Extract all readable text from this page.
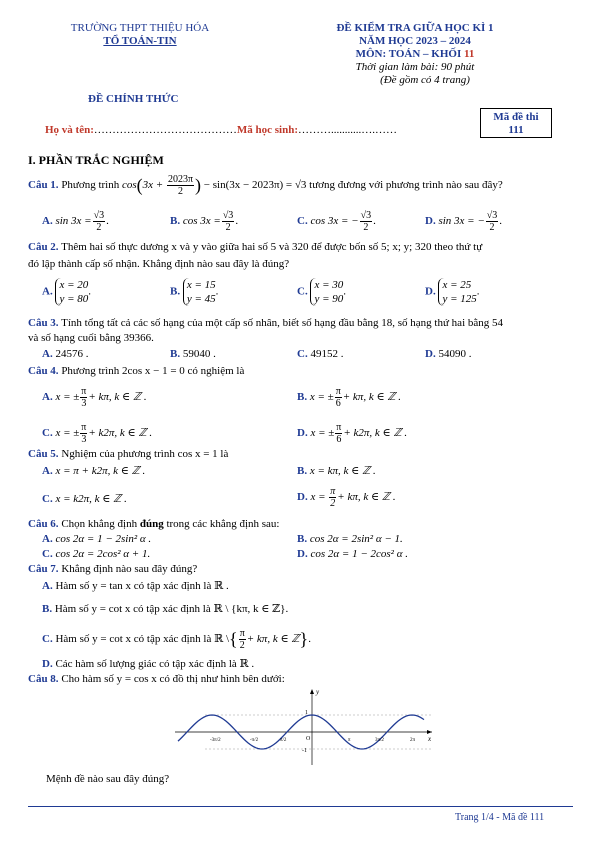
TRƯỜNG THPT THIỆU HÓA
TỔ TOÁN-TIN
ĐỀ KIỂM TRA GIỮA HỌC KÌ 1
NĂM HỌC 2023 – 2024
MÔN: TOÁN – KHỐI 11
Thời gian làm bài: 90 phút
(Đề gồm có 4 trang)
ĐỀ CHÍNH THỨC
Họ và tên:…………………………………Mã học sinh:………...........….……
Mã đề thi
111
I. PHẦN TRẮC NGHIỆM
Câu 1. Phương trình $\cos(3x + \frac{2023\pi}{2}$ ) − sin(3x − 2023π) = √3 tương đương với phương trình nào sau đây?
A. $\sin 3x = \frac{√3}{2}$ .	B. $\cos 3x = \frac{√3}{2}$ .	C. cos 3x = − $\frac{√3}{2}$ .	D. sin 3x = − $\frac{√3}{2}$ .
Câu 2. Thêm hai số thực dương x và y vào giữa hai số 5 và 320 để được bốn số 5; x; y; 320 theo thứ tự
đó lập thành cấp số nhận. Khẳng định nào sau đây là đúng?
A. x = 20
y = 80.	B. x = 15
y = 45.	C. x = 30
y = 90.	D. x = 25
y = 125.
Câu 3. Tính tổng tất cả các số hạng của một cấp số nhân, biết số hạng đầu bằng 18, số hạng thứ hai bằng 54
và số hạng cuối bằng 39366.
A. 24576 .	B. 59040 .	C. 49152 .	D. 54090 .
Câu 4. Phương trình 2cos x − 1 = 0 có nghiệm là
A. x = ± $\frac{\pi}{3} + k\pi$, k ∈ ℤ .	B. x = ± $\frac{\pi}{6} + k\pi$, k ∈ ℤ .
C. x = ± $\frac{\pi}{3} + k2\pi$, k ∈ ℤ .	D. x = ± $\frac{\pi}{6} + k2\pi$, k ∈ ℤ .
Câu 5. Nghiệm của phương trình cos x = 1 là
A. x = π + k2π, k ∈ ℤ .	B. x = kπ, k ∈ ℤ .
C. x = k2π, k ∈ ℤ .	D. $x = \frac{\pi}{2} + k\pi$, k ∈ ℤ .
Câu 6. Chọn khẳng định đúng trong các khẳng định sau:
A. cos 2α = 1 − 2sin² α .	B. cos 2α = 2sin² α − 1.
C. cos 2α = 2cos² α + 1.	D. cos 2α = 1 − 2cos² α .
Câu 7. Khẳng định nào sau đây đúng?
A. Hàm số y = tan x có tập xác định là ℝ .
B. Hàm số y = cot x có tập xác định là ℝ \ {kπ, k ∈ ℤ}.
C. Hàm số y = cot x có tập xác định là ℝ \{ $\frac{\pi}{2} + k\pi$, k ∈ ℤ}.
D. Các hàm số lượng giác có tập xác định là ℝ .
Câu 8. Cho hàm số y = cos x có đồ thị như hình bên dưới:
y
x
O
1
-1
-3π/2	-π/2	π/2	3π/2	2π
π
Mệnh đề nào sau đây đúng?
Trang 1/4 - Mã đề 111
